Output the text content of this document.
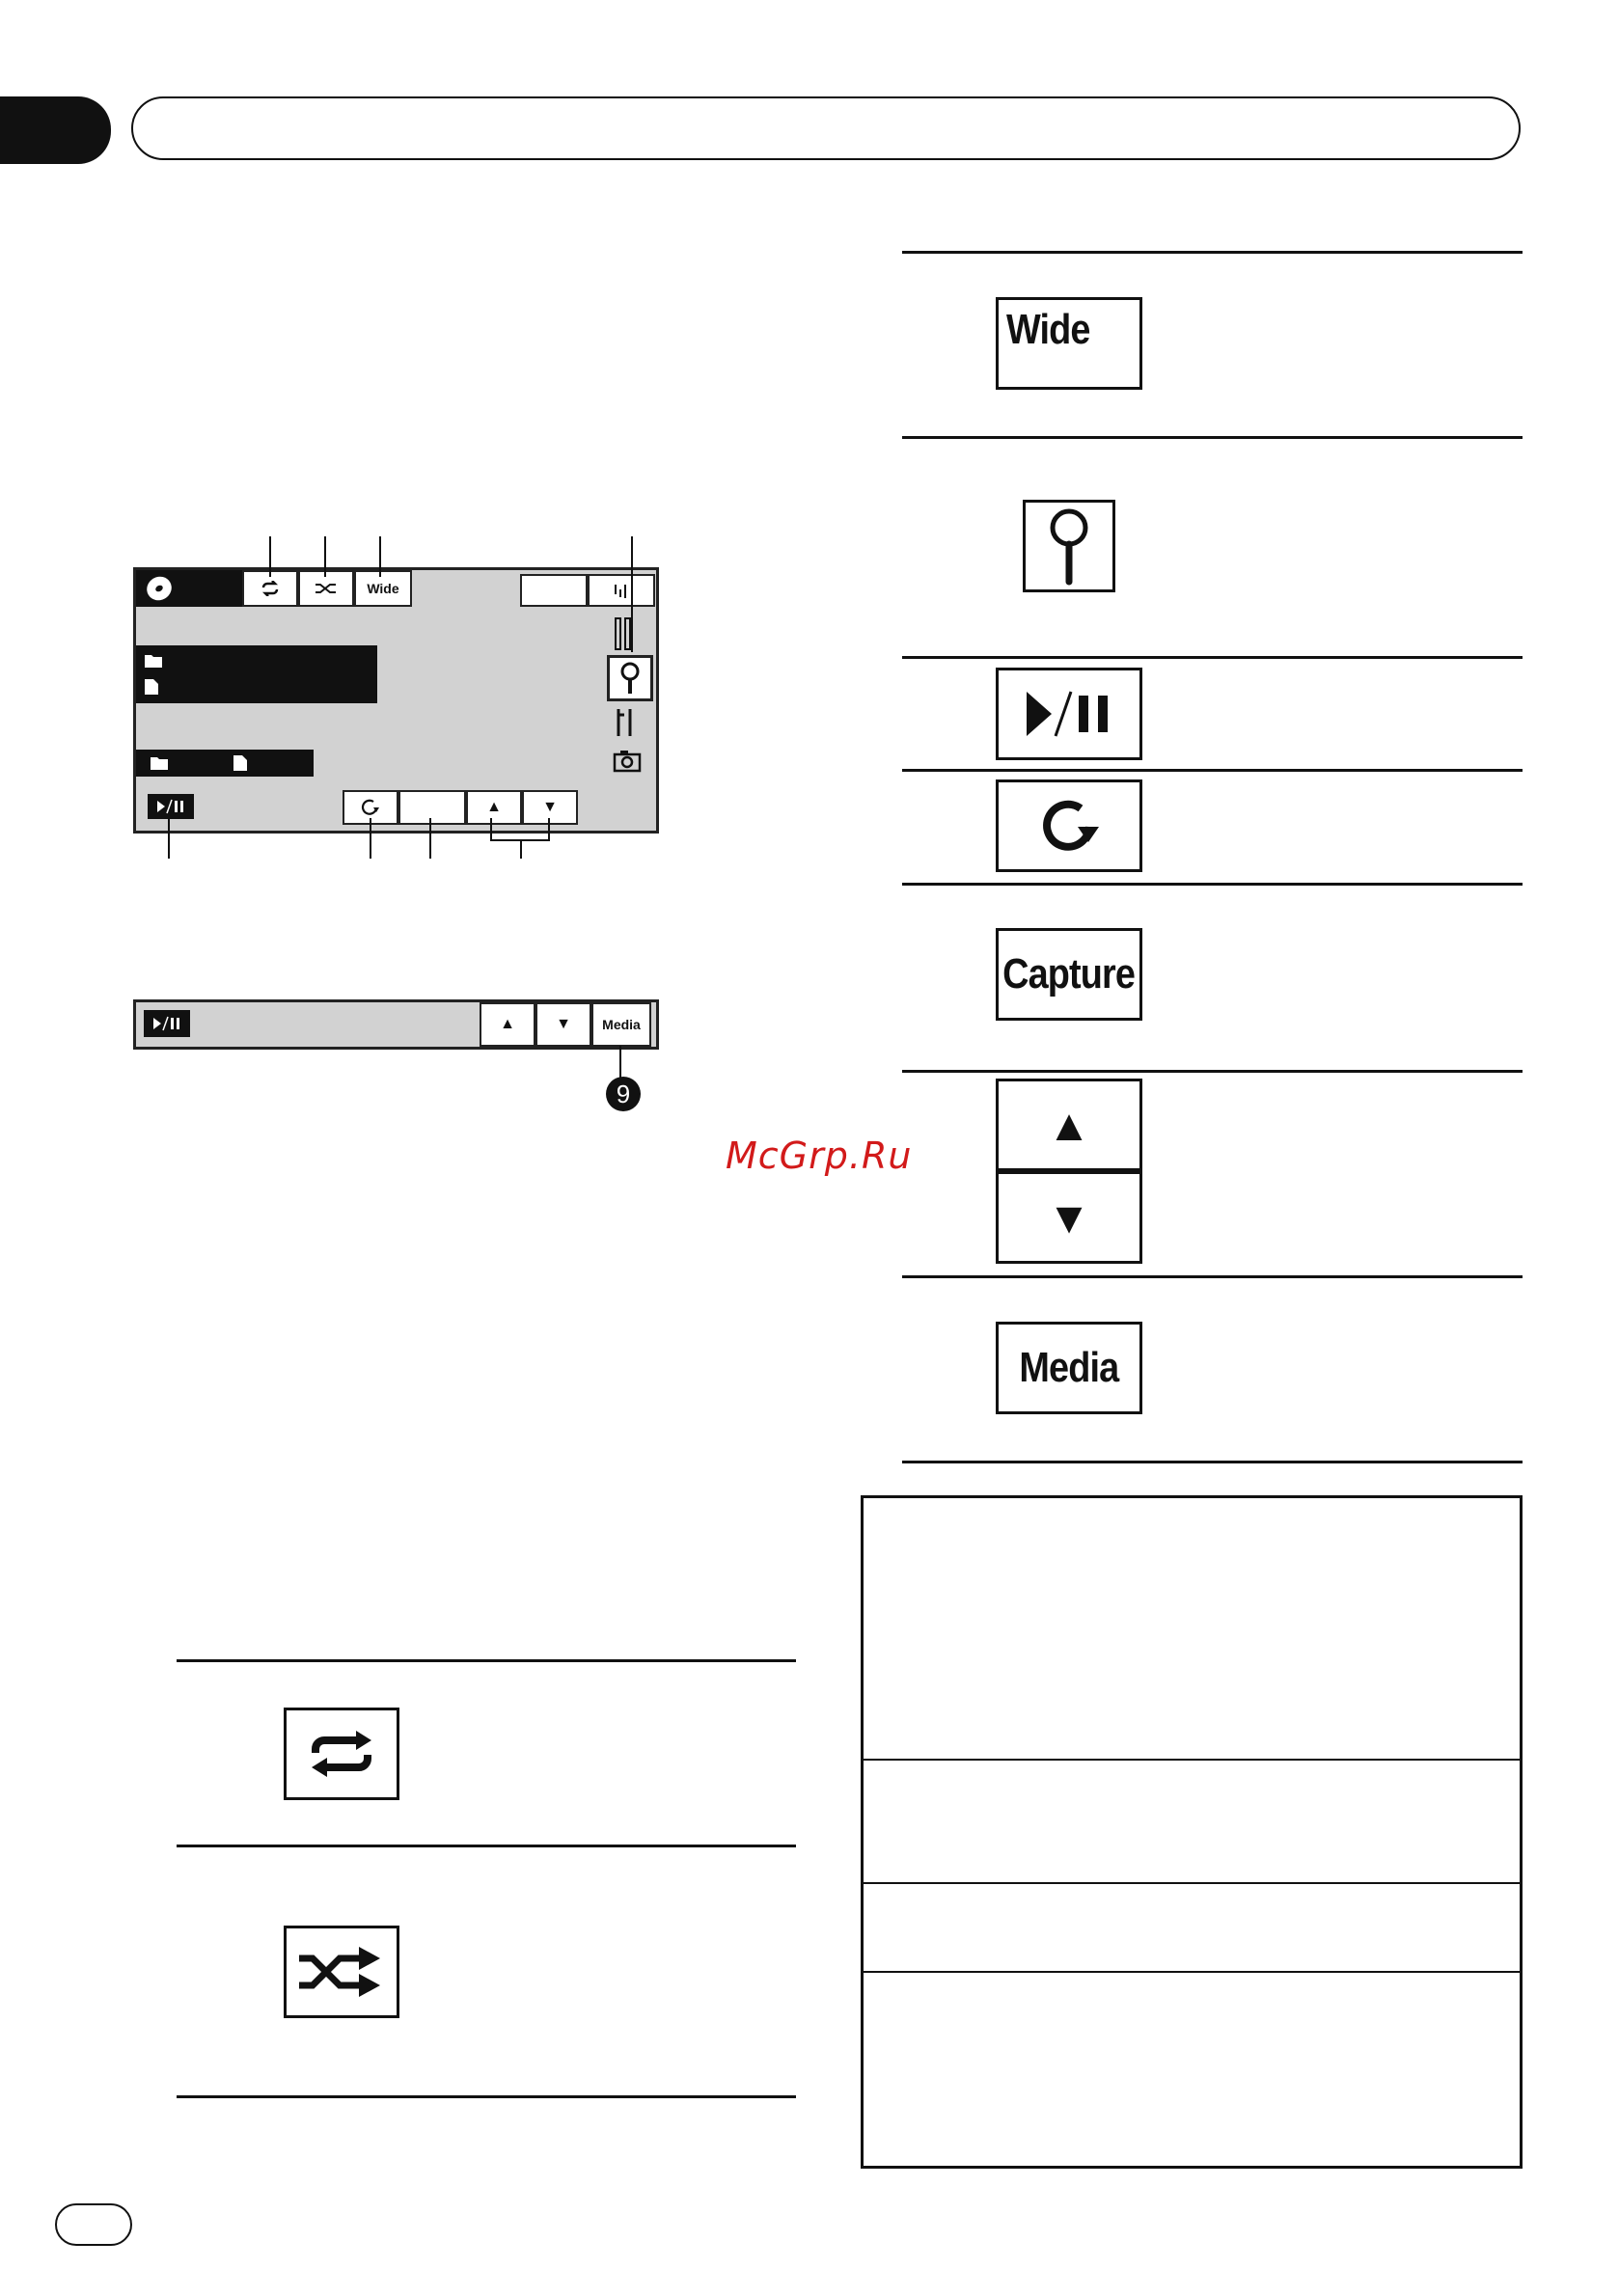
Wide
▲	▼
▲	▼	Media
9
McGrp.Ru
Wide
Capture
▲
▼
Media
